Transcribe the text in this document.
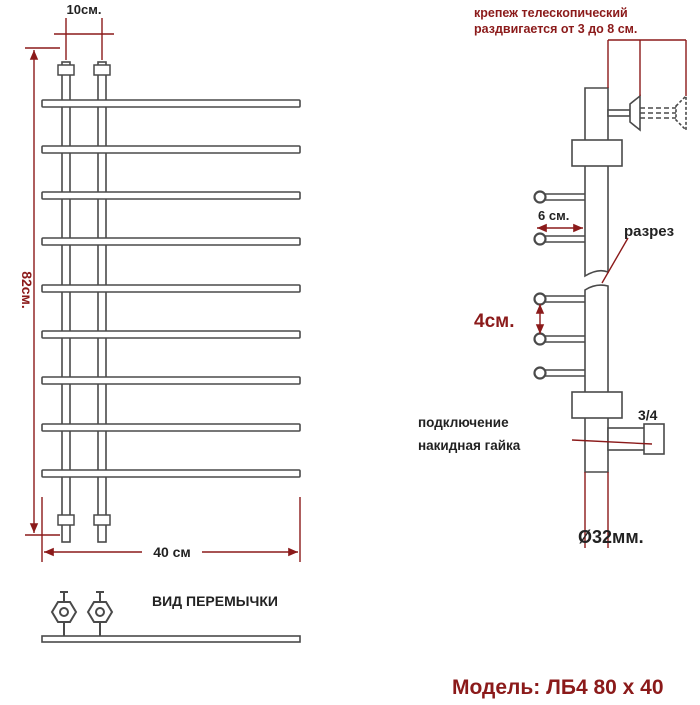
10см.
82см.
40 см
ВИД ПЕРЕМЫЧКИ
крепеж телескопический
раздвигается от 3 до 8 см.
6 см.
разрез
4см.
подключение
накидная гайка
3/4
Ø32мм.
Модель: ЛБ4 80 х 40
